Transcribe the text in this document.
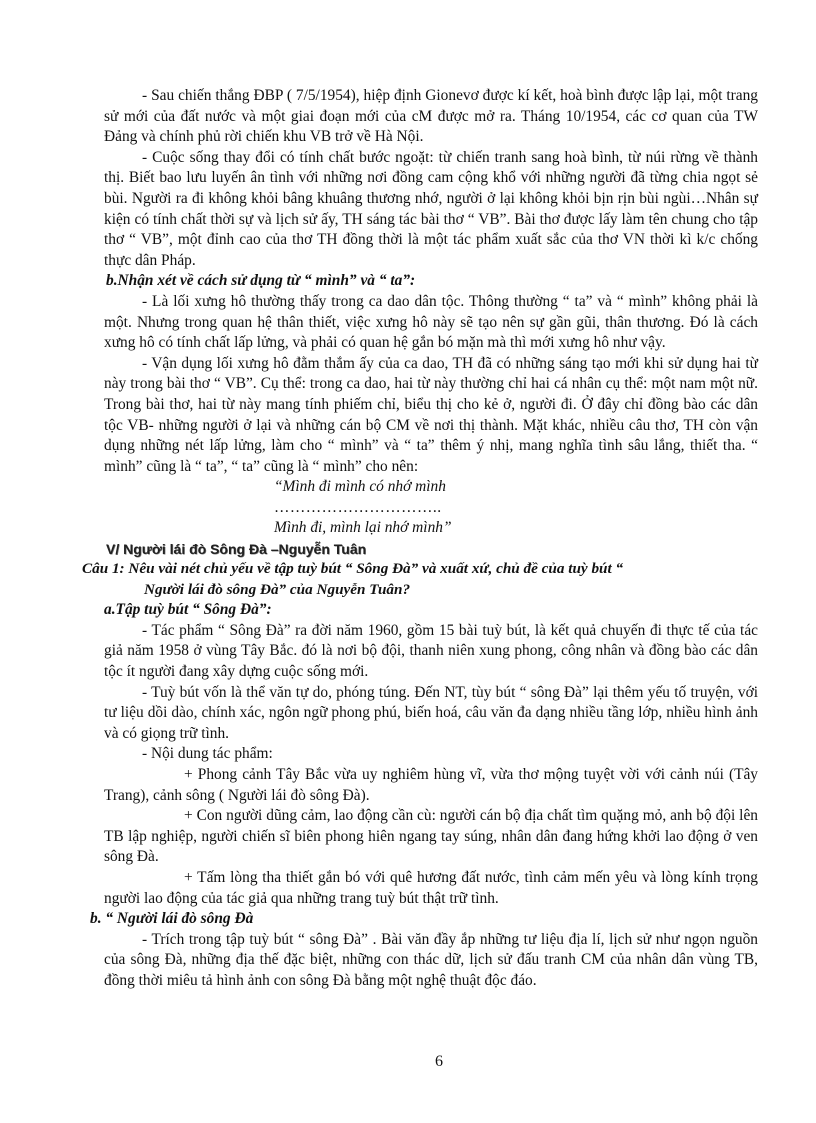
- Sau chiến thắng ĐBP ( 7/5/1954), hiệp định Gionevơ được kí kết, hoà bình được lập lại, một trang sử mới của đất nước và một giai đoạn mới của cM được mở ra. Tháng 10/1954, các cơ quan của TW Đảng và chính phủ rời chiến khu VB trở về Hà Nội.

- Cuộc sống thay đổi có tính chất bước ngoặt: từ chiến tranh sang hoà bình, từ núi rừng về thành thị. Biết bao lưu luyến ân tình với những nơi đồng cam cộng khổ với những người đã từng chia ngọt sẻ bùi. Người ra đi không khỏi bâng khuâng thương nhớ, người ở lại không khỏi bịn rịn bùi ngùi…Nhân sự kiện có tính chất thời sự và lịch sử ấy, TH sáng tác bài thơ “ VB”. Bài thơ được lấy làm tên chung cho tập thơ “ VB”, một đỉnh cao của thơ TH đồng thời là một tác phẩm xuất sắc của thơ VN thời kì k/c chống thực dân Pháp.

b.Nhận xét về cách sử dụng từ “ mình” và “ ta”:

- Là lối xưng hô thường thấy trong ca dao dân tộc. Thông thường “ ta” và “ mình” không phải là một. Nhưng trong quan hệ thân thiết, việc xưng hô này sẽ tạo nên sự gần gũi, thân thương. Đó là cách xưng hô có tính chất lấp lửng, và phải có quan hệ gắn bó mặn mà thì mới xưng hô như vậy.

- Vận dụng lối xưng hô đằm thắm ấy của ca dao, TH đã có những sáng tạo mới khi sử dụng hai từ này trong bài thơ “ VB”. Cụ thể: trong ca dao, hai từ này thường chỉ hai cá nhân cụ thể: một nam một nữ. Trong bài thơ, hai từ này mang tính phiếm chỉ, biểu thị cho kẻ ở, người đi. Ở đây chỉ đồng bào các dân tộc VB- những người ở lại và những cán bộ CM về nơi thị thành. Mặt khác, nhiều câu thơ, TH còn vận dụng những nét lấp lửng, làm cho “ mình” và “ ta” thêm ý nhị, mang nghĩa tình sâu lắng, thiết tha. “ mình” cũng là “ ta”, “ ta” cũng là “ mình” cho nên:

“Mình đi mình có nhớ mình
…………………………..
Mình đi, mình lại nhớ mình”
V/ Người lái đò Sông Đà –Nguyễn Tuân

Câu 1: Nêu vài nét chủ yếu về tập tuỳ bút “ Sông Đà” và xuất xứ, chủ đề của tuỳ bút “

Người lái đò sông Đà” của Nguyễn Tuân?

a.Tập tuỳ bút “ Sông Đà”:

- Tác phẩm “ Sông Đà” ra đời năm 1960, gồm 15 bài tuỳ bút, là kết quả chuyến đi thực tế của tác giả năm 1958 ở vùng Tây Bắc. đó là nơi bộ đội, thanh niên xung phong, công nhân và đồng bào các dân tộc ít người đang xây dựng cuộc sống mới.

- Tuỳ bút vốn là thể văn tự do, phóng túng. Đến NT, tùy bút “ sông Đà” lại thêm yếu tố truyện, với tư liệu dồi dào, chính xác, ngôn ngữ phong phú, biến hoá, câu văn đa dạng nhiều tầng lớp, nhiều hình ảnh và có giọng trữ tình.

- Nội dung tác phẩm:

+ Phong cảnh Tây Bắc vừa uy nghiêm hùng vĩ, vừa thơ mộng tuyệt vời với cảnh núi (Tây Trang), cảnh sông ( Người lái đò sông Đà).

+ Con người dũng cảm, lao động cần cù: người cán bộ địa chất tìm quặng mỏ, anh bộ đội lên TB lập nghiệp, người chiến sĩ biên phong hiên ngang tay súng, nhân dân đang hứng khởi lao động ở ven sông Đà.

+ Tấm lòng tha thiết gắn bó với quê hương đất nước, tình cảm mến yêu và lòng kính trọng người lao động của tác giả qua những trang tuỳ bút thật trữ tình.

b. “ Người lái đò sông Đà

- Trích trong tập tuỳ bút “ sông Đà” . Bài văn đầy ắp những tư liệu địa lí, lịch sử như ngọn nguồn của sông Đà, những địa thế đặc biệt, những con thác dữ, lịch sử đấu tranh CM của nhân dân vùng TB, đồng thời miêu tả hình ảnh con sông Đà bằng một nghệ thuật độc đáo.

6
